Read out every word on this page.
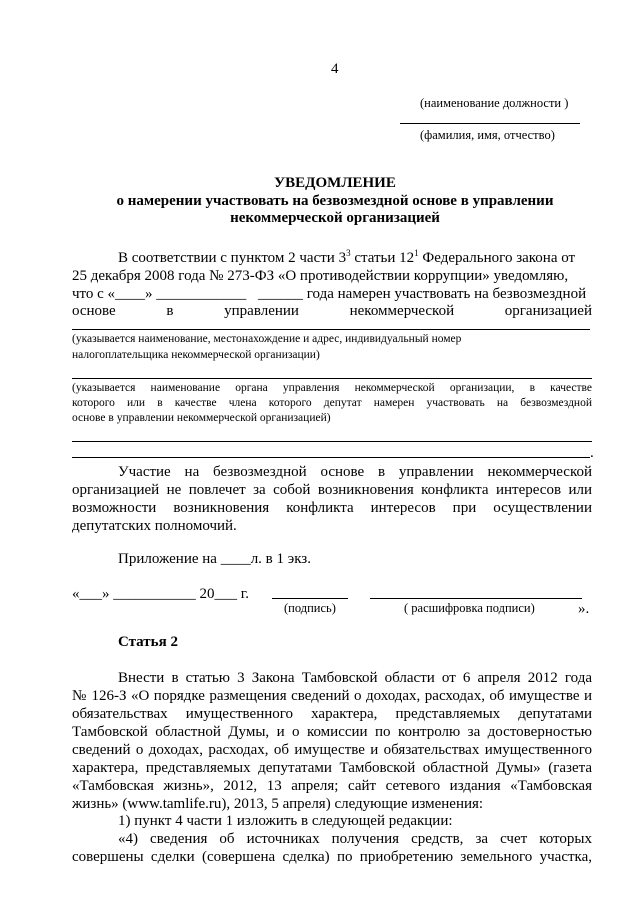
4
(наименование должности )
(фамилия, имя, отчество)
УВЕДОМЛЕНИЕ
о намерении участвовать на безвозмездной основе в управлении
некоммерческой организацией
В соответствии с пунктом 2 части $3^3$ статьи $12^1$ Федерального закона от
25 декабря 2008 года № 273-ФЗ «О противодействии коррупции» уведомляю,
что с «____» ____________ ______ года намерен участвовать на безвозмездной
основе	в	управлении	некоммерческой	организацией
(указывается наименование, местонахождение и адрес, индивидуальный номер
налогоплательщика некоммерческой организации)
(указывается наименование органа управления некоммерческой организации, в качестве
которого или в качестве члена которого депутат намерен участвовать на безвозмездной
основе в управлении некоммерческой организацией)
.
Участие на безвозмездной основе в управлении некоммерческой
организацией не повлечет за собой возникновения конфликта интересов или
возможности возникновения конфликта интересов при осуществлении
депутатских полномочий.
Приложение на ____л. в 1 экз.
«___» ___________ 20___ г.
(подпись)	( расшифровка подписи)	».
Статья 2
Внести в статью 3 Закона Тамбовской области от 6 апреля 2012 года
№ 126-З «О порядке размещения сведений о доходах, расходах, об имуществе и
обязательствах имущественного характера, представляемых депутатами
Тамбовской областной Думы, и о комиссии по контролю за достоверностью
сведений о доходах, расходах, об имуществе и обязательствах имущественного
характера, представляемых депутатами Тамбовской областной Думы» (газета
«Тамбовская жизнь», 2012, 13 апреля; сайт сетевого издания «Тамбовская
жизнь» (www.tamlife.ru), 2013, 5 апреля) следующие изменения:
1) пункт 4 части 1 изложить в следующей редакции:
«4) сведения об источниках получения средств, за счет которых
совершены сделки (совершена сделка) по приобретению земельного участка,
